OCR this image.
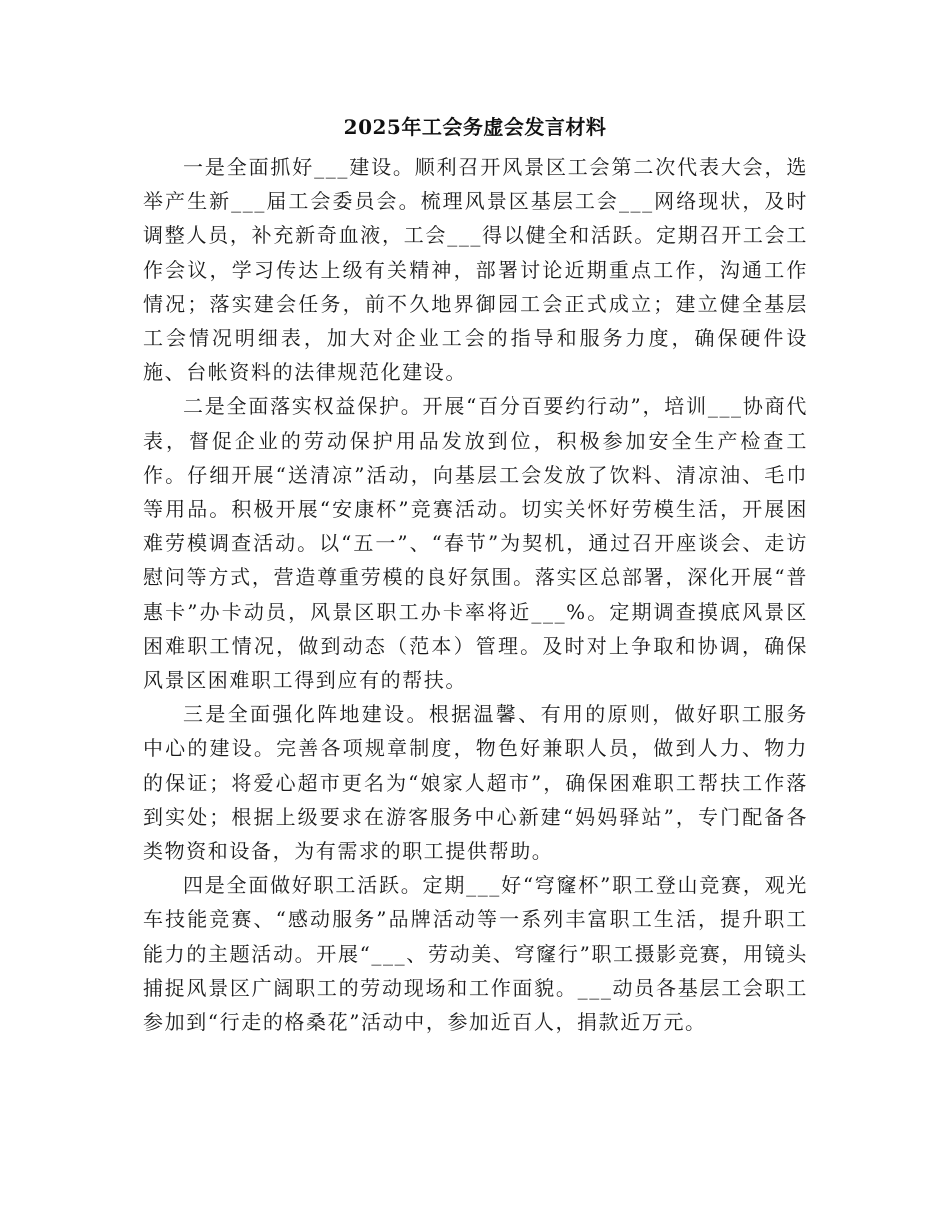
2025年工会务虚会发言材料

一是全面抓好___建设。顺利召开风景区工会第二次代表大会，选举产生新___届工会委员会。梳理风景区基层工会___网络现状，及时调整人员，补充新奇血液，工会___得以健全和活跃。定期召开工会工作会议，学习传达上级有关精神，部署讨论近期重点工作，沟通工作情况；落实建会任务，前不久地界御园工会正式成立；建立健全基层工会情况明细表，加大对企业工会的指导和服务力度，确保硬件设施、台帐资料的法律规范化建设。

二是全面落实权益保护。开展“百分百要约行动”，培训___协商代表，督促企业的劳动保护用品发放到位，积极参加安全生产检查工作。仔细开展“送清凉”活动，向基层工会发放了饮料、清凉油、毛巾等用品。积极开展“安康杯”竞赛活动。切实关怀好劳模生活，开展困难劳模调查活动。以“五一”、“春节”为契机，通过召开座谈会、走访慰问等方式，营造尊重劳模的良好氛围。落实区总部署，深化开展“普惠卡”办卡动员，风景区职工办卡率将近___%。定期调查摸底风景区困难职工情况，做到动态（范本）管理。及时对上争取和协调，确保风景区困难职工得到应有的帮扶。

三是全面强化阵地建设。根据温馨、有用的原则，做好职工服务中心的建设。完善各项规章制度，物色好兼职人员，做到人力、物力的保证；将爱心超市更名为“娘家人超市”，确保困难职工帮扶工作落到实处；根据上级要求在游客服务中心新建“妈妈驿站”，专门配备各类物资和设备，为有需求的职工提供帮助。

四是全面做好职工活跃。定期___好“穹窿杯”职工登山竞赛，观光车技能竞赛、“感动服务”品牌活动等一系列丰富职工生活，提升职工能力的主题活动。开展“___、劳动美、穹窿行”职工摄影竞赛，用镜头捕捉风景区广阔职工的劳动现场和工作面貌。___动员各基层工会职工参加到“行走的格桑花”活动中，参加近百人，捐款近万元。
